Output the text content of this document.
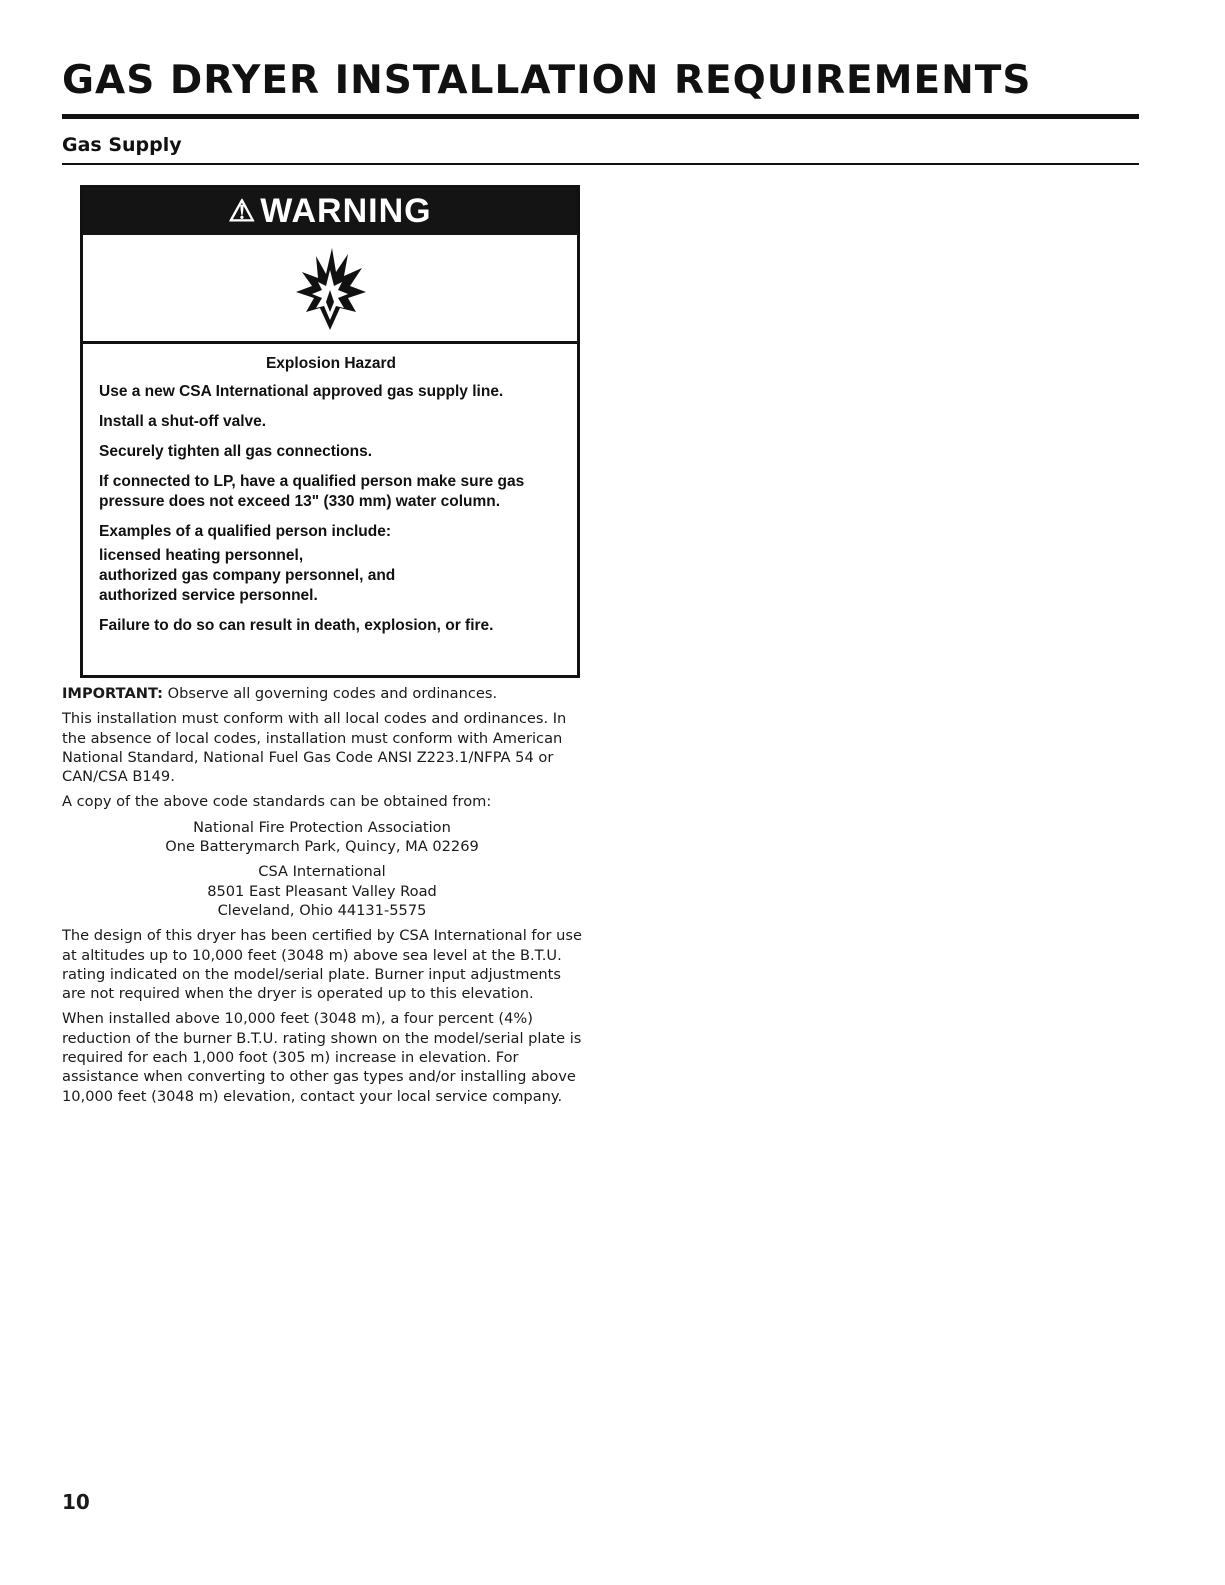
GAS DRYER INSTALLATION REQUIREMENTS
Gas Supply
⚠ WARNING

Explosion Hazard

Use a new CSA International approved gas supply line.

Install a shut-off valve.

Securely tighten all gas connections.

If connected to LP, have a qualified person make sure gas pressure does not exceed 13" (330 mm) water column.

Examples of a qualified person include:

licensed heating personnel,
authorized gas company personnel, and
authorized service personnel.

Failure to do so can result in death, explosion, or fire.

IMPORTANT: Observe all governing codes and ordinances.

This installation must conform with all local codes and ordinances. In the absence of local codes, installation must conform with American National Standard, National Fuel Gas Code ANSI Z223.1/NFPA 54 or CAN/CSA B149.

A copy of the above code standards can be obtained from:

National Fire Protection Association
One Batterymarch Park, Quincy, MA 02269
CSA International
8501 East Pleasant Valley Road
Cleveland, Ohio 44131-5575

The design of this dryer has been certified by CSA International for use at altitudes up to 10,000 feet (3048 m) above sea level at the B.T.U. rating indicated on the model/serial plate. Burner input adjustments are not required when the dryer is operated up to this elevation.

When installed above 10,000 feet (3048 m), a four percent (4%) reduction of the burner B.T.U. rating shown on the model/serial plate is required for each 1,000 foot (305 m) increase in elevation. For assistance when converting to other gas types and/or installing above 10,000 feet (3048 m) elevation, contact your local service company.

10
